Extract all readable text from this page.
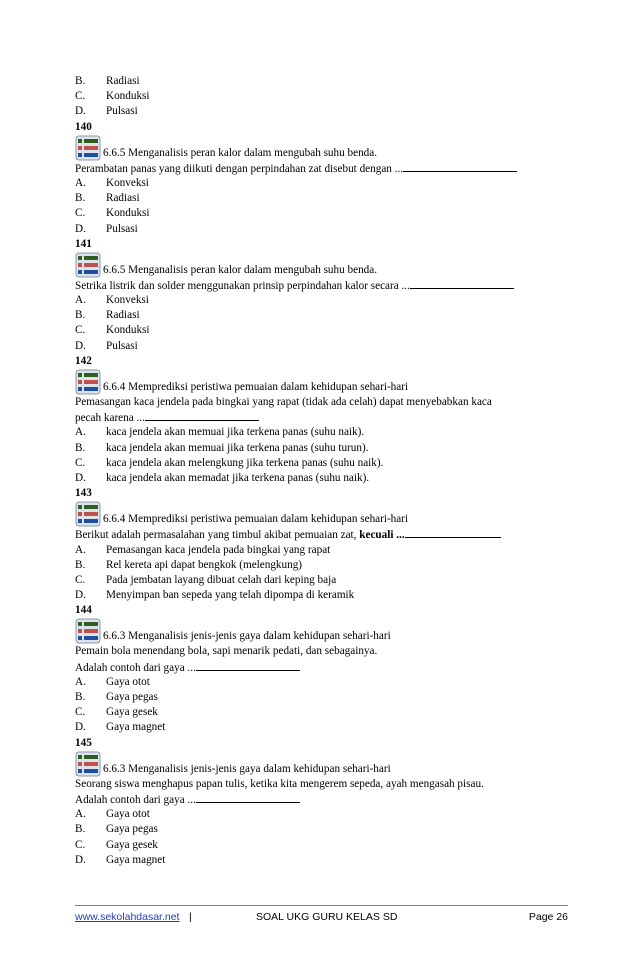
B.	Radiasi
C.	Konduksi
D.	Pulsasi
140
6.6.5 Menganalisis peran kalor dalam mengubah suhu benda.
Perambatan panas yang diikuti dengan perpindahan zat disebut dengan ...
A.	Konveksi
B.	Radiasi
C.	Konduksi
D.	Pulsasi
141
6.6.5 Menganalisis peran kalor dalam mengubah suhu benda.
Setrika listrik dan solder menggunakan prinsip perpindahan kalor secara ...
A.	Konveksi
B.	Radiasi
C.	Konduksi
D.	Pulsasi
142
6.6.4 Memprediksi peristiwa pemuaian dalam kehidupan sehari-hari
Pemasangan kaca jendela pada bingkai yang rapat (tidak ada celah) dapat menyebabkan kaca
pecah karena ...
A.	kaca jendela akan memuai jika terkena panas (suhu naik).
B.	kaca jendela akan memuai jika terkena panas (suhu turun).
C.	kaca jendela akan melengkung jika terkena panas (suhu naik).
D.	kaca jendela akan memadat jika terkena panas (suhu naik).
143
6.6.4 Memprediksi peristiwa pemuaian dalam kehidupan sehari-hari
Berikut adalah permasalahan yang timbul akibat pemuaian zat, kecuali ...
A.	Pemasangan kaca jendela pada bingkai yang rapat
B.	Rel kereta api dapat bengkok (melengkung)
C.	Pada jembatan layang dibuat celah dari keping baja
D.	Menyimpan ban sepeda yang telah dipompa di keramik
144
6.6.3 Menganalisis jenis-jenis gaya dalam kehidupan sehari-hari
Pemain bola menendang bola, sapi menarik pedati, dan sebagainya.
Adalah contoh dari gaya ...
A.	Gaya otot
B.	Gaya pegas
C.	Gaya gesek
D.	Gaya magnet
145
6.6.3 Menganalisis jenis-jenis gaya dalam kehidupan sehari-hari
Seorang siswa menghapus papan tulis, ketika kita mengerem sepeda, ayah mengasah pisau.
Adalah contoh dari gaya ...
A.	Gaya otot
B.	Gaya pegas
C.	Gaya gesek
D.	Gaya magnet
www.sekolahdasar.net |	SOAL UKG GURU KELAS SD	Page 26
